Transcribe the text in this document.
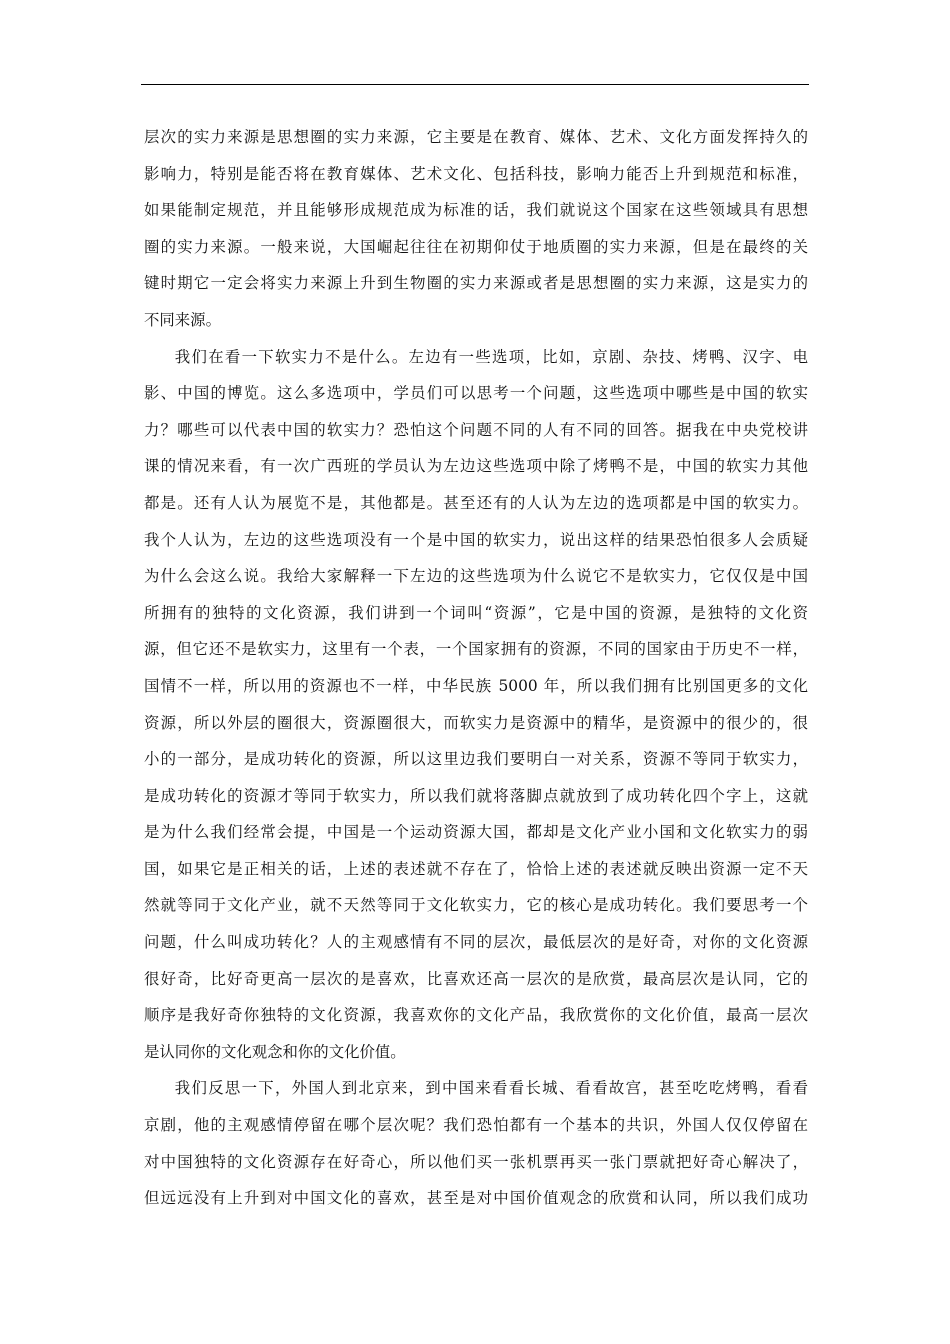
层次的实力来源是思想圈的实力来源，它主要是在教育、媒体、艺术、文化方面发挥持久的
影响力，特别是能否将在教育媒体、艺术文化、包括科技，影响力能否上升到规范和标准，
如果能制定规范，并且能够形成规范成为标准的话，我们就说这个国家在这些领域具有思想
圈的实力来源。一般来说，大国崛起往往在初期仰仗于地质圈的实力来源，但是在最终的关
键时期它一定会将实力来源上升到生物圈的实力来源或者是思想圈的实力来源，这是实力的
不同来源。

我们在看一下软实力不是什么。左边有一些选项，比如，京剧、杂技、烤鸭、汉字、电
影、中国的博览。这么多选项中，学员们可以思考一个问题，这些选项中哪些是中国的软实
力？哪些可以代表中国的软实力？恐怕这个问题不同的人有不同的回答。据我在中央党校讲
课的情况来看，有一次广西班的学员认为左边这些选项中除了烤鸭不是，中国的软实力其他
都是。还有人认为展览不是，其他都是。甚至还有的人认为左边的选项都是中国的软实力。
我个人认为，左边的这些选项没有一个是中国的软实力，说出这样的结果恐怕很多人会质疑
为什么会这么说。我给大家解释一下左边的这些选项为什么说它不是软实力，它仅仅是中国
所拥有的独特的文化资源，我们讲到一个词叫“资源”，它是中国的资源，是独特的文化资
源，但它还不是软实力，这里有一个表，一个国家拥有的资源，不同的国家由于历史不一样，
国情不一样，所以用的资源也不一样，中华民族 5000 年，所以我们拥有比别国更多的文化
资源，所以外层的圈很大，资源圈很大，而软实力是资源中的精华，是资源中的很少的，很
小的一部分，是成功转化的资源，所以这里边我们要明白一对关系，资源不等同于软实力，
是成功转化的资源才等同于软实力，所以我们就将落脚点就放到了成功转化四个字上，这就
是为什么我们经常会提，中国是一个运动资源大国，都却是文化产业小国和文化软实力的弱
国，如果它是正相关的话，上述的表述就不存在了，恰恰上述的表述就反映出资源一定不天
然就等同于文化产业，就不天然等同于文化软实力，它的核心是成功转化。我们要思考一个
问题，什么叫成功转化？人的主观感情有不同的层次，最低层次的是好奇，对你的文化资源
很好奇，比好奇更高一层次的是喜欢，比喜欢还高一层次的是欣赏，最高层次是认同，它的
顺序是我好奇你独特的文化资源，我喜欢你的文化产品，我欣赏你的文化价值，最高一层次
是认同你的文化观念和你的文化价值。

我们反思一下，外国人到北京来，到中国来看看长城、看看故宫，甚至吃吃烤鸭，看看
京剧，他的主观感情停留在哪个层次呢？我们恐怕都有一个基本的共识，外国人仅仅停留在
对中国独特的文化资源存在好奇心，所以他们买一张机票再买一张门票就把好奇心解决了，
但远远没有上升到对中国文化的喜欢，甚至是对中国价值观念的欣赏和认同，所以我们成功
